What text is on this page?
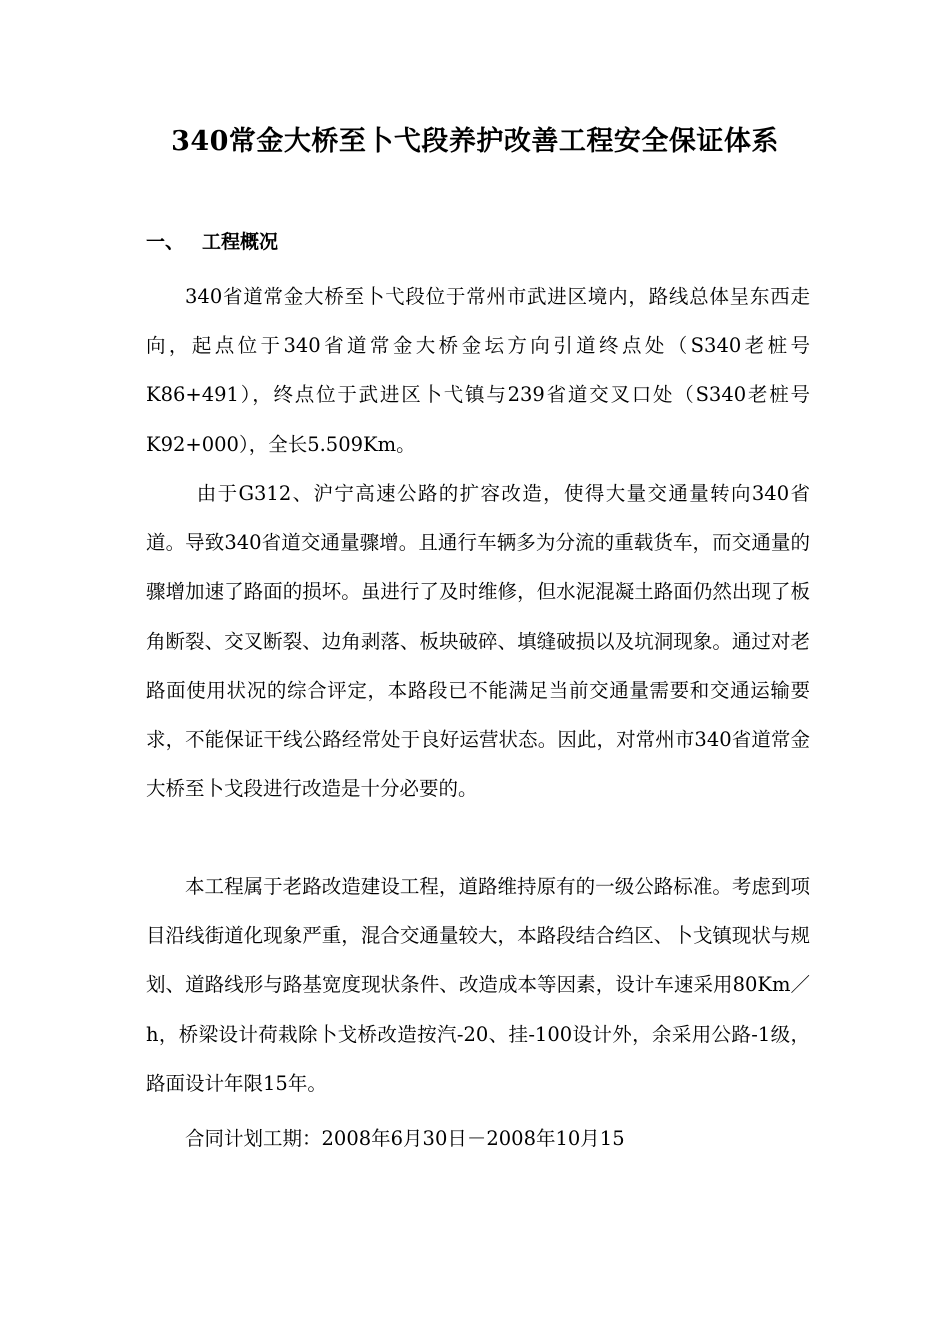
340常金大桥至卜弋段养护改善工程安全保证体系
一、 工程概况

340省道常金大桥至卜弋段位于常州市武进区境内，路线总体呈东西走向，起点位于340省道常金大桥金坛方向引道终点处（S340老桩号K86+491），终点位于武进区卜弋镇与239省道交叉口处（S340老桩号K92+000），全长5.509Km。

由于G312、沪宁高速公路的扩容改造，使得大量交通量转向340省道。导致340省道交通量骤增。且通行车辆多为分流的重载货车，而交通量的骤增加速了路面的损坏。虽进行了及时维修，但水泥混凝土路面仍然出现了板角断裂、交叉断裂、边角剥落、板块破碎、填缝破损以及坑洞现象。通过对老路面使用状况的综合评定，本路段已不能满足当前交通量需要和交通运输要求，不能保证干线公路经常处于良好运营状态。因此，对常州市340省道常金大桥至卜戈段进行改造是十分必要的。

本工程属于老路改造建设工程，道路维持原有的一级公路标准。考虑到项目沿线街道化现象严重，混合交通量较大，本路段结合绉区、卜戈镇现状与规划、道路线形与路基宽度现状条件、改造成本等因素，设计车速采用80Km／h，桥梁设计荷栽除卜戈桥改造按汽-20、挂-100设计外，余采用公路-1级，路面设计年限15年。

合同计划工期：2008年6月30日－2008年10月15
